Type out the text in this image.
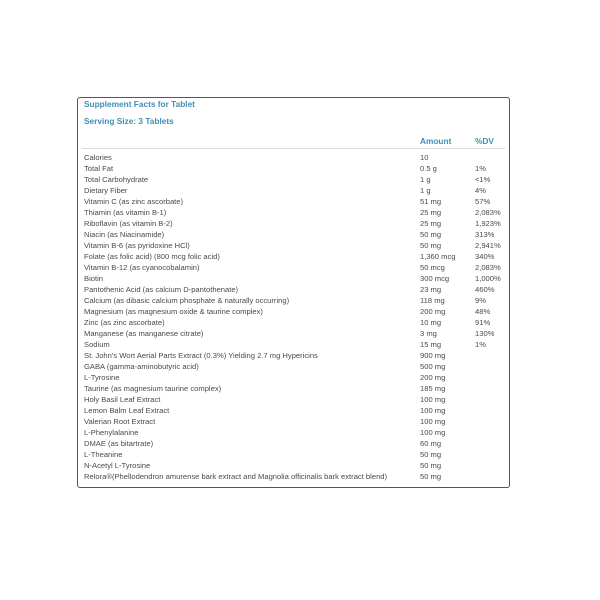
Supplement Facts for Tablet
Serving Size: 3 Tablets
Amount	%DV
Calories	10
Total Fat	0.5 g	1%
Total Carbohydrate	1 g	<1%
Dietary Fiber	1 g	4%
Vitamin C (as zinc ascorbate)	51 mg	57%
Thiamin (as vitamin B-1)	25 mg	2,083%
Riboflavin (as vitamin B-2)	25 mg	1,923%
Niacin (as Niacinamide)	50 mg	313%
Vitamin B-6 (as pyridoxine HCl)	50 mg	2,941%
Folate (as folic acid) (800 mcg folic acid)	1,360 mcg	340%
Vitamin B-12 (as cyanocobalamin)	50 mcg	2,083%
Biotin	300 mcg	1,000%
Pantothenic Acid (as calcium D-pantothenate)	23 mg	460%
Calcium (as dibasic calcium phosphate & naturally occurring)	118 mg	9%
Magnesium (as magnesium oxide & taurine complex)	200 mg	48%
Zinc (as zinc ascorbate)	10 mg	91%
Manganese (as manganese citrate)	3 mg	130%
Sodium	15 mg	1%
St. John's Wort Aerial Parts Extract (0.3%) Yielding 2.7 mg Hypericins	900 mg
GABA (gamma-aminobutyric acid)	500 mg
L-Tyrosine	200 mg
Taurine (as magnesium taurine complex)	185 mg
Holy Basil Leaf Extract	100 mg
Lemon Balm Leaf Extract	100 mg
Valerian Root Extract	100 mg
L-Phenylalanine	100 mg
DMAE (as bitartrate)	60 mg
L-Theanine	50 mg
N-Acetyl L-Tyrosine	50 mg
Relora®(Phellodendron amurense bark extract and Magnolia officinalis bark extract blend)	50 mg
